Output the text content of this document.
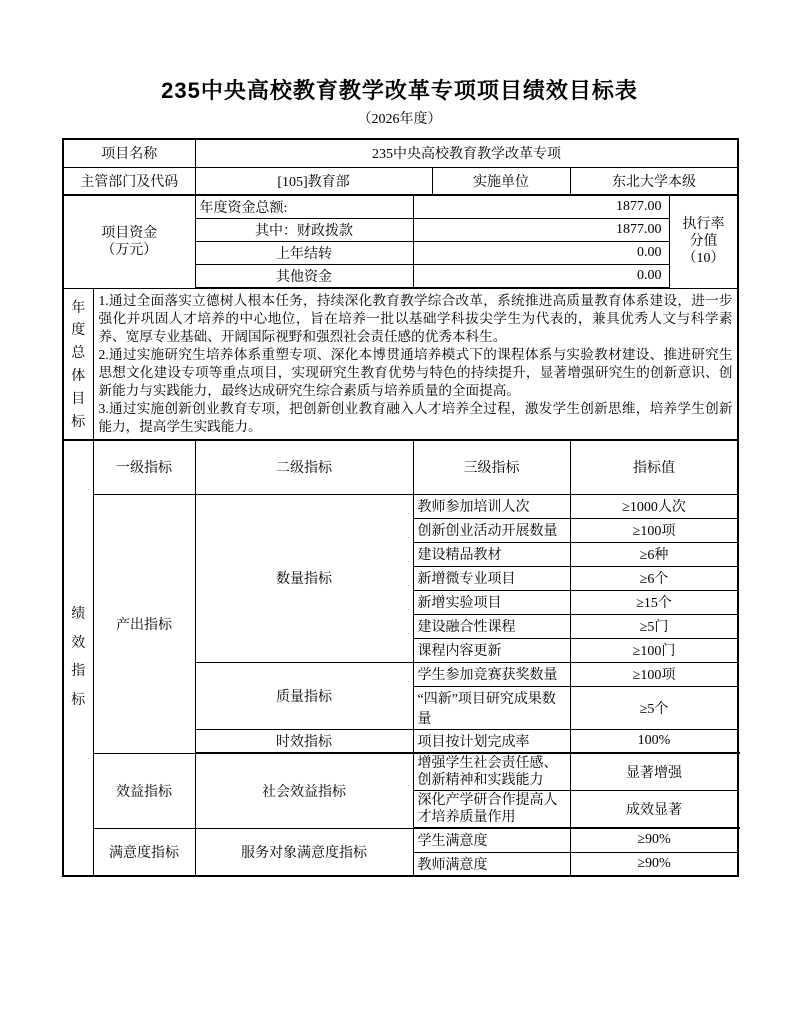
235中央高校教育教学改革专项项目绩效目标表
（2026年度）
项目名称		235中央高校教育教学改革专项					
主管部门及代码		[105]教育部		实施单位	东北大学本级		
项目资金
（万元）		年度资金总额:	1877.00			执行率
分值
（10）	
		其中：财政拨款	1877.00				
		上年结转	0.00				
		其他资金	0.00				

年
度
总
体
目
标

1.通过全面落实立德树人根本任务，持续深化教育教学综合改革，系统推进高质量教育体系建设，进一步强化并巩固人才培养的中心地位，旨在培养一批以基础学科拔尖学生为代表的，兼具优秀人文与科学素养、宽厚专业基础、开阔国际视野和强烈社会责任感的优秀本科生。

2.通过实施研究生培养体系重塑专项、深化本博贯通培养模式下的课程体系与实验教材建设、推进研究生思想文化建设专项等重点项目，实现研究生教育优势与特色的持续提升，显著增强研究生的创新意识、创新能力与实践能力，最终达成研究生综合素质与培养质量的全面提高。

3.通过实施创新创业教育专项，把创新创业教育融入人才培养全过程，激发学生创新思维，培养学生创新能力，提高学生实践能力。

绩
效
指
标	一级指标	二级指标	三级指标		指标值	

	产出指标	数量指标	教师参加培训人次		≥1000人次	
			创新创业活动开展数量		≥100项	
			建设精品教材		≥6种	
			新增微专业项目		≥6个	
			新增实验项目		≥15个	
			建设融合性课程		≥5门	
			课程内容更新		≥100门	
		质量指标	学生参加竞赛获奖数量		≥100项	
			“四新”项目研究成果数量		≥5个	
		时效指标	项目按计划完成率		100%	
	效益指标	社会效益指标	增强学生社会责任感、创新精神和实践能力		显著增强	
			深化产学研合作提高人才培养质量作用		成效显著	
	满意度指标	服务对象满意度指标	学生满意度		≥90%	
			教师满意度		≥90%	
